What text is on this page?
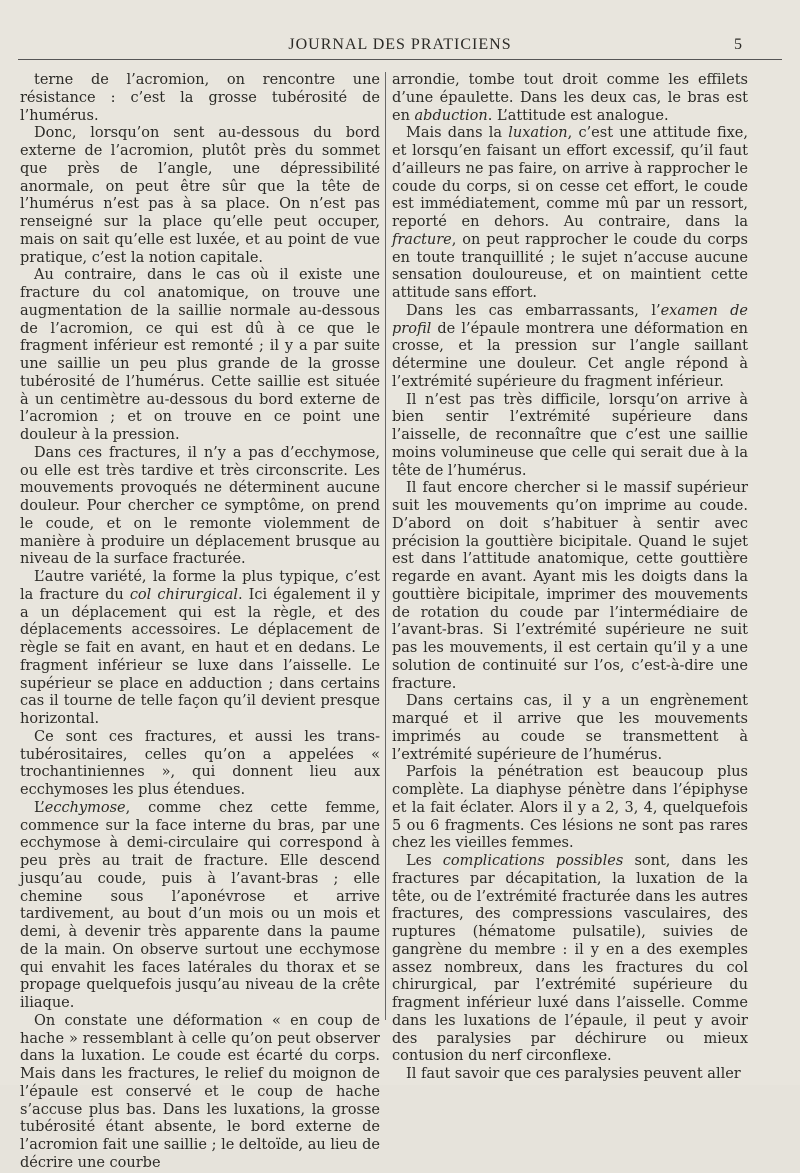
JOURNAL DES PRATICIENS	5

terne de l’acromion, on rencontre une résistance : c’est la grosse tubérosité de l’humérus.

Donc, lorsqu’on sent au-dessous du bord externe de l’acromion, plutôt près du sommet que près de l’angle, une dépressibilité anormale, on peut être sûr que la tête de l’humérus n’est pas à sa place. On n’est pas renseigné sur la place qu’elle peut occuper, mais on sait qu’elle est luxée, et au point de vue pratique, c’est la notion capitale.

Au contraire, dans le cas où il existe une fracture du col anatomique, on trouve une augmentation de la saillie normale au-dessous de l’acromion, ce qui est dû à ce que le fragment inférieur est remonté ; il y a par suite une saillie un peu plus grande de la grosse tubérosité de l’humérus. Cette saillie est située à un centimètre au-dessous du bord externe de l’acromion ; et on trouve en ce point une douleur à la pression.

Dans ces fractures, il n’y a pas d’ecchymose, ou elle est très tardive et très circonscrite. Les mouvements provoqués ne déterminent aucune douleur. Pour chercher ce symptôme, on prend le coude, et on le remonte violemment de manière à produire un déplacement brusque au niveau de la surface fracturée.

L’autre variété, la forme la plus typique, c’est la fracture du col chirurgical. Ici également il y a un déplacement qui est la règle, et des déplacements accessoires. Le déplacement de règle se fait en avant, en haut et en dedans. Le fragment inférieur se luxe dans l’aisselle. Le supérieur se place en adduction ; dans certains cas il tourne de telle façon qu’il devient presque horizontal.

Ce sont ces fractures, et aussi les trans-tubérositaires, celles qu’on a appelées « trochantiniennes », qui donnent lieu aux ecchymoses les plus étendues.

L’ecchymose, comme chez cette femme, commence sur la face interne du bras, par une ecchymose à demi-circulaire qui correspond à peu près au trait de fracture. Elle descend jusqu’au coude, puis à l’avant-bras ; elle chemine sous l’aponévrose et arrive tardivement, au bout d’un mois ou un mois et demi, à devenir très apparente dans la paume de la main. On observe surtout une ecchymose qui envahit les faces latérales du thorax et se propage quelquefois jusqu’au niveau de la crête iliaque.

On constate une déformation « en coup de hache » ressemblant à celle qu’on peut observer dans la luxation. Le coude est écarté du corps. Mais dans les fractures, le relief du moignon de l’épaule est conservé et le coup de hache s’accuse plus bas. Dans les luxations, la grosse tubérosité étant absente, le bord externe de l’acromion fait une saillie ; le deltoïde, au lieu de décrire une courbe

arrondie, tombe tout droit comme les effilets d’une épaulette. Dans les deux cas, le bras est en abduction. L’attitude est analogue.

Mais dans la luxation, c’est une attitude fixe, et lorsqu’en faisant un effort excessif, qu’il faut d’ailleurs ne pas faire, on arrive à rapprocher le coude du corps, si on cesse cet effort, le coude est immédiatement, comme mû par un ressort, reporté en dehors. Au contraire, dans la fracture, on peut rapprocher le coude du corps en toute tranquillité ; le sujet n’accuse aucune sensation douloureuse, et on maintient cette attitude sans effort.

Dans les cas embarrassants, l’examen de profil de l’épaule montrera une déformation en crosse, et la pression sur l’angle saillant détermine une douleur. Cet angle répond à l’extrémité supérieure du fragment inférieur.

Il n’est pas très difficile, lorsqu’on arrive à bien sentir l’extrémité supérieure dans l’aisselle, de reconnaître que c’est une saillie moins volumineuse que celle qui serait due à la tête de l’humérus.

Il faut encore chercher si le massif supérieur suit les mouvements qu’on imprime au coude. D’abord on doit s’habituer à sentir avec précision la gouttière bicipitale. Quand le sujet est dans l’attitude anatomique, cette gouttière regarde en avant. Ayant mis les doigts dans la gouttière bicipitale, imprimer des mouvements de rotation du coude par l’intermédiaire de l’avant-bras. Si l’extrémité supérieure ne suit pas les mouvements, il est certain qu’il y a une solution de continuité sur l’os, c’est-à-dire une fracture.

Dans certains cas, il y a un engrènement marqué et il arrive que les mouvements imprimés au coude se transmettent à l’extrémité supérieure de l’humérus.

Parfois la pénétration est beaucoup plus complète. La diaphyse pénètre dans l’épiphyse et la fait éclater. Alors il y a 2, 3, 4, quelquefois 5 ou 6 fragments. Ces lésions ne sont pas rares chez les vieilles femmes.

Les complications possibles sont, dans les fractures par décapitation, la luxation de la tête, ou de l’extrémité fracturée dans les autres fractures, des compressions vasculaires, des ruptures (hématome pulsatile), suivies de gangrène du membre : il y en a des exemples assez nombreux, dans les fractures du col chirurgical, par l’extrémité supérieure du fragment inférieur luxé dans l’aisselle. Comme dans les luxations de l’épaule, il peut y avoir des paralysies par déchirure ou mieux contusion du nerf circonflexe.

Il faut savoir que ces paralysies peuvent aller
